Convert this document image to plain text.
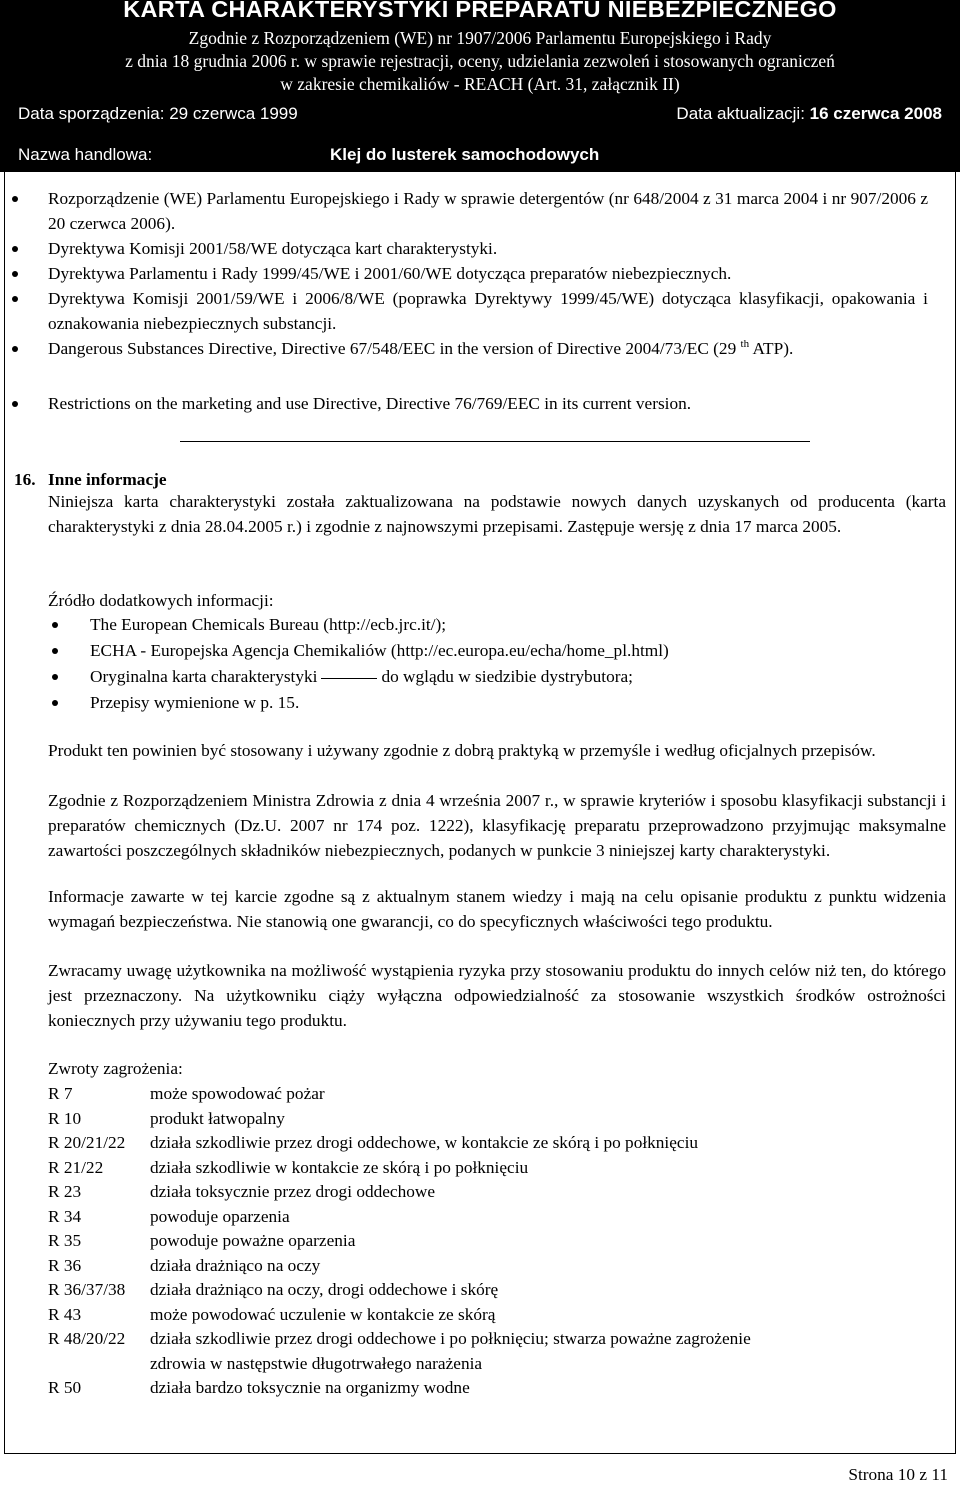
KARTA CHARAKTERYSTYKI PREPARATU NIEBEZPIECZNEGO
Zgodnie z Rozporządzeniem (WE) nr 1907/2006 Parlamentu Europejskiego i Rady
z dnia 18 grudnia 2006 r. w sprawie rejestracji, oceny, udzielania zezwoleń i stosowanych ograniczeń
w zakresie chemikaliów - REACH (Art. 31, załącznik II)
Data sporządzenia: 29 czerwca 1999	Data aktualizacji: 16 czerwca 2008
Nazwa handlowa:	Klej do lusterek samochodowych
Rozporządzenie (WE) Parlamentu Europejskiego i Rady w sprawie detergentów (nr 648/2004 z 31 marca 2004 i nr 907/2006 z 20 czerwca 2006).
Dyrektywa Komisji 2001/58/WE dotycząca kart charakterystyki.
Dyrektywa Parlamentu i Rady 1999/45/WE i 2001/60/WE dotycząca preparatów niebezpiecznych.
Dyrektywa Komisji 2001/59/WE i 2006/8/WE (poprawka Dyrektywy 1999/45/WE) dotycząca klasyfikacji, opakowania i oznakowania niebezpiecznych substancji.
Dangerous Substances Directive, Directive 67/548/EEC in the version of Directive 2004/73/EC (29 $^{th}$ ATP).
Restrictions on the marketing and use Directive, Directive 76/769/EEC in its current version.
16. Inne informacje
Niniejsza karta charakterystyki została zaktualizowana na podstawie nowych danych uzyskanych od producenta (karta charakterystyki z dnia 28.04.2005 r.) i zgodnie z najnowszymi przepisami. Zastępuje wersję z dnia 17 marca 2005.
Źródło dodatkowych informacji:
The European Chemicals Bureau (http://ecb.jrc.it/);
ECHA - Europejska Agencja Chemikaliów (http://ec.europa.eu/echa/home_pl.html)
Oryginalna karta charakterystyki	do wglądu w siedzibie dystrybutora;
Przepisy wymienione w p. 15.
Produkt ten powinien być stosowany i używany zgodnie z dobrą praktyką w przemyśle i według oficjalnych przepisów.
Zgodnie z Rozporządzeniem Ministra Zdrowia z dnia 4 września 2007 r., w sprawie kryteriów i sposobu klasyfikacji substancji i preparatów chemicznych (Dz.U. 2007 nr 174 poz. 1222), klasyfikację preparatu przeprowadzono przyjmując maksymalne zawartości poszczególnych składników niebezpiecznych, podanych w punkcie 3 niniejszej karty charakterystyki.
Informacje zawarte w tej karcie zgodne są z aktualnym stanem wiedzy i mają na celu opisanie produktu z punktu widzenia wymagań bezpieczeństwa. Nie stanowią one gwarancji, co do specyficznych właściwości tego produktu.
Zwracamy uwagę użytkownika na możliwość wystąpienia ryzyka przy stosowaniu produktu do innych celów niż ten, do którego jest przeznaczony. Na użytkowniku ciąży wyłączna odpowiedzialność za stosowanie wszystkich środków ostrożności koniecznych przy używaniu tego produktu.
Zwroty zagrożenia:
R 7	może spowodować pożar
R 10	produkt łatwopalny
R 20/21/22 działa szkodliwie przez drogi oddechowe, w kontakcie ze skórą i po połknięciu
R 21/22	działa szkodliwie w kontakcie ze skórą i po połknięciu
R 23	działa toksycznie przez drogi oddechowe
R 34	powoduje oparzenia
R 35	powoduje poważne oparzenia
R 36	działa drażniąco na oczy
R 36/37/38 działa drażniąco na oczy, drogi oddechowe i skórę
R 43	może powodować uczulenie w kontakcie ze skórą
R 48/20/22 działa szkodliwie przez drogi oddechowe i po połknięciu; stwarza poważne zagrożenie
zdrowia w następstwie długotrwałego narażenia
R 50	działa bardzo toksycznie na organizmy wodne
Strona 10 z 11
